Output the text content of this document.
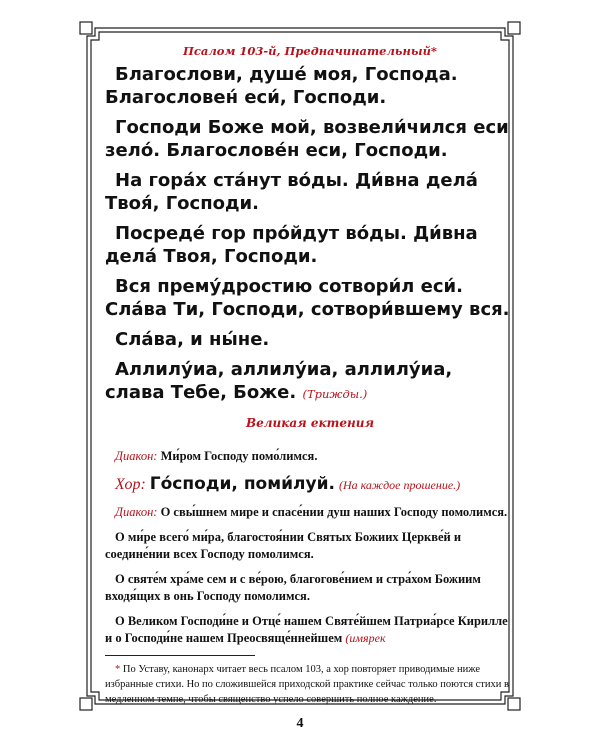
Псалом 103-й, Предначинательный*

Благослови, душе́ моя, Господа. Благословен́ еси́, Господи.

Господи Боже мой, возвели́чился еси зело́. Благослове́н еси, Господи.

На гора́х ста́нут во́ды. Ди́вна дела́ Твоя́, Господи.

Посреде́ гор про́йдут во́ды. Ди́вна дела́ Твоя, Господи.

Вся прему́дростию сотвори́л еси́. Сла́ва Ти, Господи, сотвори́вшему вся.

Сла́ва, и ны́не.

Аллилу́иа, аллилу́иа, аллилу́иа, слава Тебе, Боже. (Трижды.)

Великая ектения

Диакон: Ми́ром Господу помо́лимся.

Хор: Го́споди, поми́луй. (На каждое прошение.)

Диакон: О свы́шнем мире и спасе́нии душ наших Господу помолимся.

О ми́ре всего́ ми́ра, благостоя́нии Святых Божиих Церкве́й и соедине́нии всех Господу помолимся.

О святе́м хра́ме сем и с ве́рою, благогове́нием и стра́хом Божиим входя́щих в онь Господу помолимся.

О Великом Господи́не и Отце́ нашем Святе́йшем Патриа́рсе Кирилле и о Господи́не нашем Преосвяще́ннейшем (имярек

* По Уставу, канонарх читает весь псалом 103, а хор повторяет приводимые ниже избранные стихи. Но по сложившейся приходской практике сейчас только поются стихи в медленном темпе, чтобы священство успело совершить полное каждение.

4
